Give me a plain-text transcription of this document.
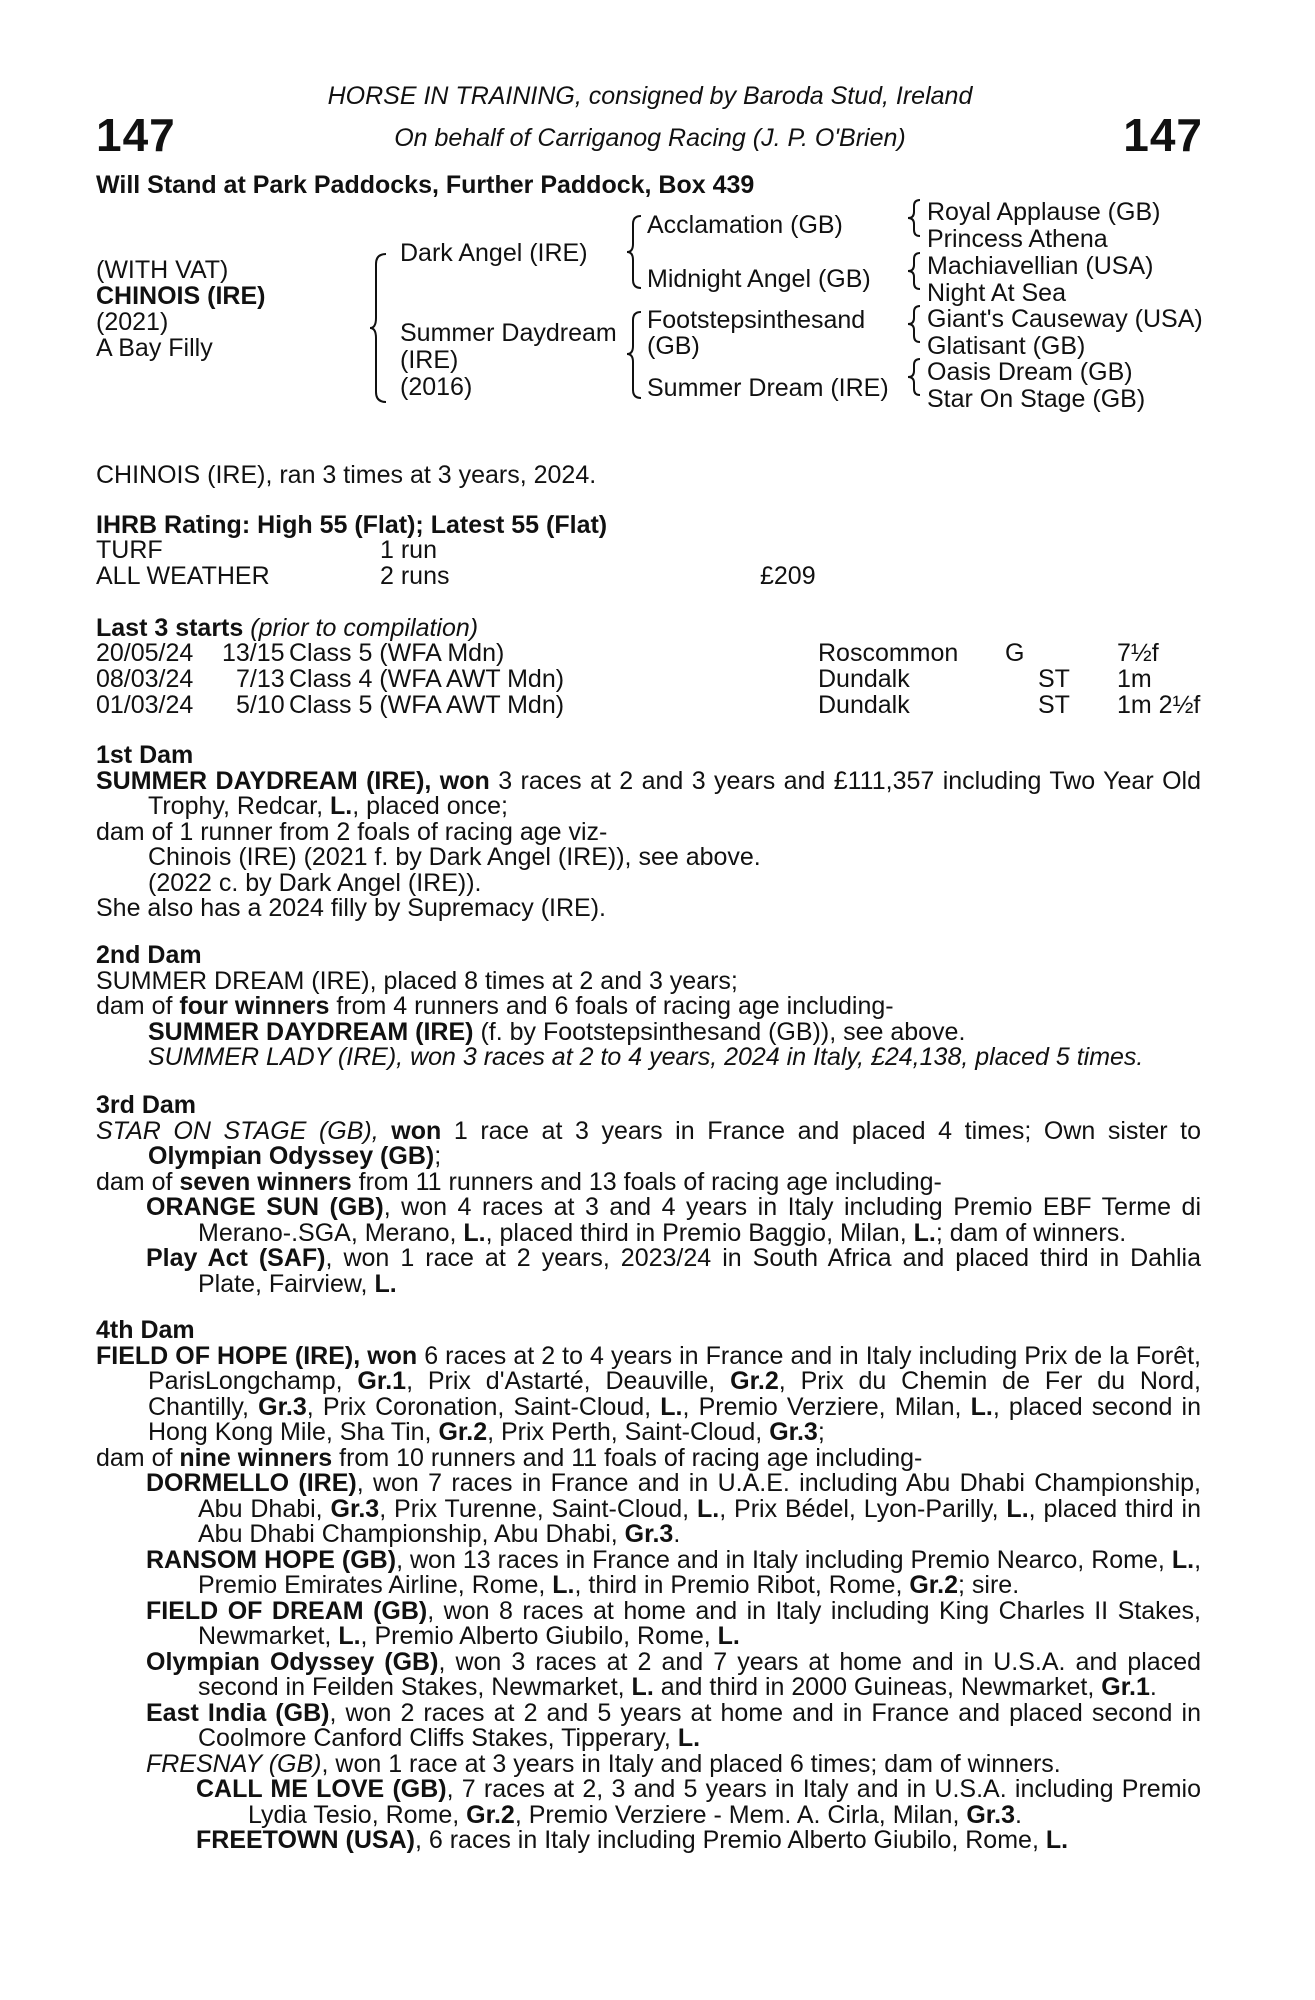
147	147
HORSE IN TRAINING, consigned by Baroda Stud, Ireland
On behalf of Carriganog Racing (J. P. O'Brien)
Will Stand at Park Paddocks, Further Paddock, Box 439
(WITH VAT)
CHINOIS (IRE)
(2021)
A Bay Filly
Dark Angel (IRE)
Summer Daydream
(IRE)
(2016)
Acclamation (GB)
Midnight Angel (GB)
Footstepsinthesand
(GB)
Summer Dream (IRE)
Royal Applause (GB)
Princess Athena
Machiavellian (USA)
Night At Sea
Giant's Causeway (USA)
Glatisant (GB)
Oasis Dream (GB)
Star On Stage (GB)
CHINOIS (IRE), ran 3 times at 3 years, 2024.
IHRB Rating: High 55 (Flat); Latest 55 (Flat)
TURF	1 run
ALL WEATHER	2 runs	£209
Last 3 starts (prior to compilation)
20/05/24 13/15 Class 5 (WFA Mdn)	Roscommon G	7½f
08/03/24 7/13 Class 4 (WFA AWT Mdn)	Dundalk	ST 1m
01/03/24 5/10 Class 5 (WFA AWT Mdn)	Dundalk	ST 1m 2½f

1st Dam

SUMMER DAYDREAM (IRE), won 3 races at 2 and 3 years and £111,357 including Two Year Old Trophy, Redcar, L., placed once;

dam of 1 runner from 2 foals of racing age viz-

Chinois (IRE) (2021 f. by Dark Angel (IRE)), see above.

(2022 c. by Dark Angel (IRE)).

She also has a 2024 filly by Supremacy (IRE).

2nd Dam

SUMMER DREAM (IRE), placed 8 times at 2 and 3 years;

dam of four winners from 4 runners and 6 foals of racing age including-

SUMMER DAYDREAM (IRE) (f. by Footstepsinthesand (GB)), see above.

SUMMER LADY (IRE), won 3 races at 2 to 4 years, 2024 in Italy, £24,138, placed 5 times.

3rd Dam

STAR ON STAGE (GB), won 1 race at 3 years in France and placed 4 times; Own sister to Olympian Odyssey (GB);

dam of seven winners from 11 runners and 13 foals of racing age including-

ORANGE SUN (GB), won 4 races at 3 and 4 years in Italy including Premio EBF Terme di Merano-.SGA, Merano, L., placed third in Premio Baggio, Milan, L.; dam of winners.

Play Act (SAF), won 1 race at 2 years, 2023/24 in South Africa and placed third in Dahlia Plate, Fairview, L.

4th Dam

FIELD OF HOPE (IRE), won 6 races at 2 to 4 years in France and in Italy including Prix de la Forêt, ParisLongchamp, Gr.1, Prix d'Astarté, Deauville, Gr.2, Prix du Chemin de Fer du Nord, Chantilly, Gr.3, Prix Coronation, Saint-Cloud, L., Premio Verziere, Milan, L., placed second in Hong Kong Mile, Sha Tin, Gr.2, Prix Perth, Saint-Cloud, Gr.3;

dam of nine winners from 10 runners and 11 foals of racing age including-

DORMELLO (IRE), won 7 races in France and in U.A.E. including Abu Dhabi Championship, Abu Dhabi, Gr.3, Prix Turenne, Saint-Cloud, L., Prix Bédel, Lyon-Parilly, L., placed third in Abu Dhabi Championship, Abu Dhabi, Gr.3.

RANSOM HOPE (GB), won 13 races in France and in Italy including Premio Nearco, Rome, L., Premio Emirates Airline, Rome, L., third in Premio Ribot, Rome, Gr.2; sire.

FIELD OF DREAM (GB), won 8 races at home and in Italy including King Charles II Stakes, Newmarket, L., Premio Alberto Giubilo, Rome, L.

Olympian Odyssey (GB), won 3 races at 2 and 7 years at home and in U.S.A. and placed second in Feilden Stakes, Newmarket, L. and third in 2000 Guineas, Newmarket, Gr.1.

East India (GB), won 2 races at 2 and 5 years at home and in France and placed second in Coolmore Canford Cliffs Stakes, Tipperary, L.

FRESNAY (GB), won 1 race at 3 years in Italy and placed 6 times; dam of winners.

CALL ME LOVE (GB), 7 races at 2, 3 and 5 years in Italy and in U.S.A. including Premio Lydia Tesio, Rome, Gr.2, Premio Verziere - Mem. A. Cirla, Milan, Gr.3.

FREETOWN (USA), 6 races in Italy including Premio Alberto Giubilo, Rome, L.
